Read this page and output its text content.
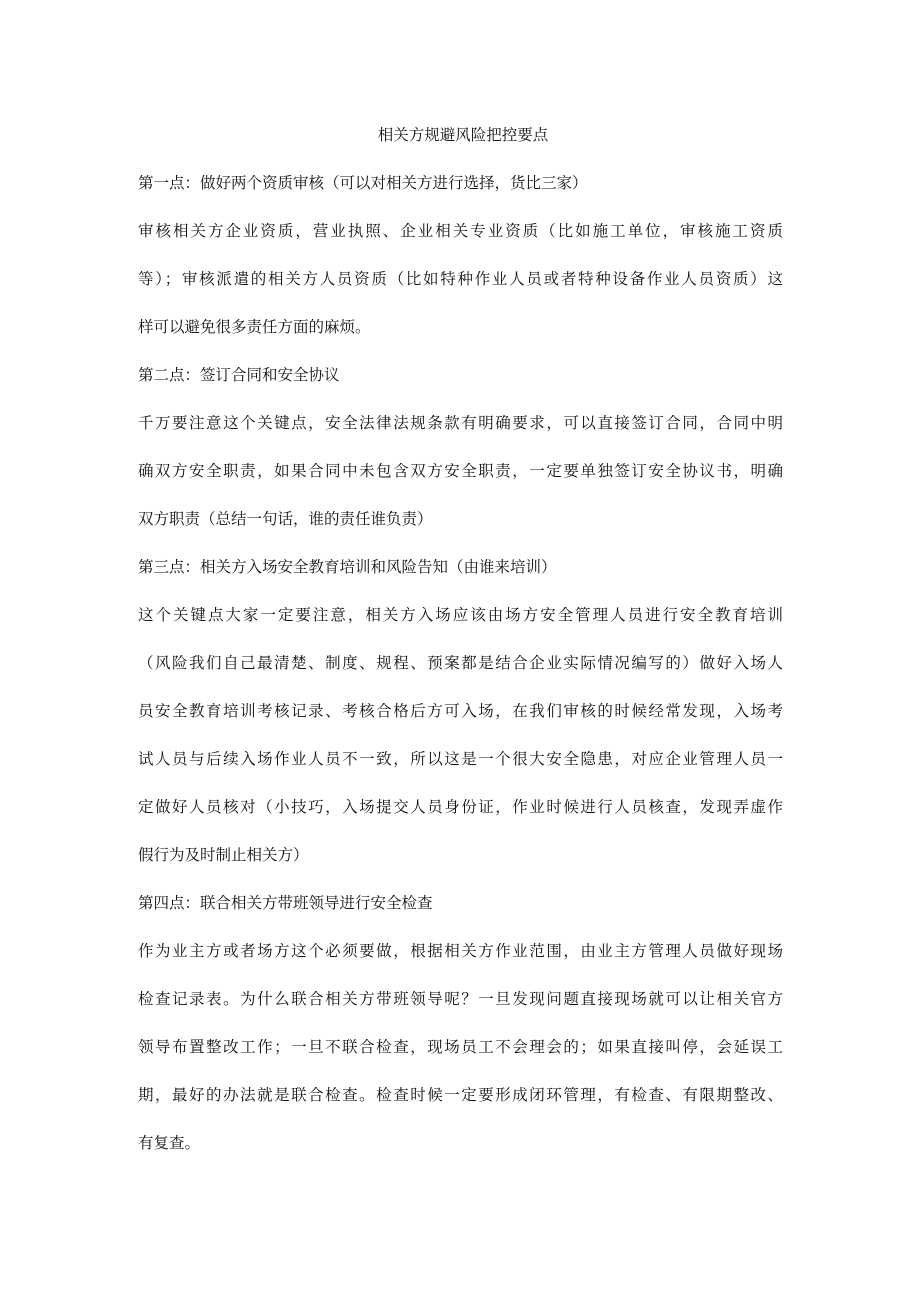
相关方规避风险把控要点
第一点：做好两个资质审核（可以对相关方进行选择，货比三家）
审核相关方企业资质，营业执照、企业相关专业资质（比如施工单位，审核施工资质
等）；审核派遣的相关方人员资质（比如特种作业人员或者特种设备作业人员资质）这
样可以避免很多责任方面的麻烦。
第二点：签订合同和安全协议
千万要注意这个关键点，安全法律法规条款有明确要求，可以直接签订合同，合同中明
确双方安全职责，如果合同中未包含双方安全职责，一定要单独签订安全协议书，明确
双方职责（总结一句话，谁的责任谁负责）
第三点：相关方入场安全教育培训和风险告知（由谁来培训）
这个关键点大家一定要注意，相关方入场应该由场方安全管理人员进行安全教育培训
（风险我们自己最清楚、制度、规程、预案都是结合企业实际情况编写的）做好入场人
员安全教育培训考核记录、考核合格后方可入场，在我们审核的时候经常发现，入场考
试人员与后续入场作业人员不一致，所以这是一个很大安全隐患，对应企业管理人员一
定做好人员核对（小技巧，入场提交人员身份证，作业时候进行人员核查，发现弄虚作
假行为及时制止相关方）
第四点：联合相关方带班领导进行安全检查
作为业主方或者场方这个必须要做，根据相关方作业范围，由业主方管理人员做好现场
检查记录表。为什么联合相关方带班领导呢？一旦发现问题直接现场就可以让相关官方
领导布置整改工作；一旦不联合检查，现场员工不会理会的；如果直接叫停，会延误工
期，最好的办法就是联合检查。检查时候一定要形成闭环管理，有检查、有限期整改、
有复查。
